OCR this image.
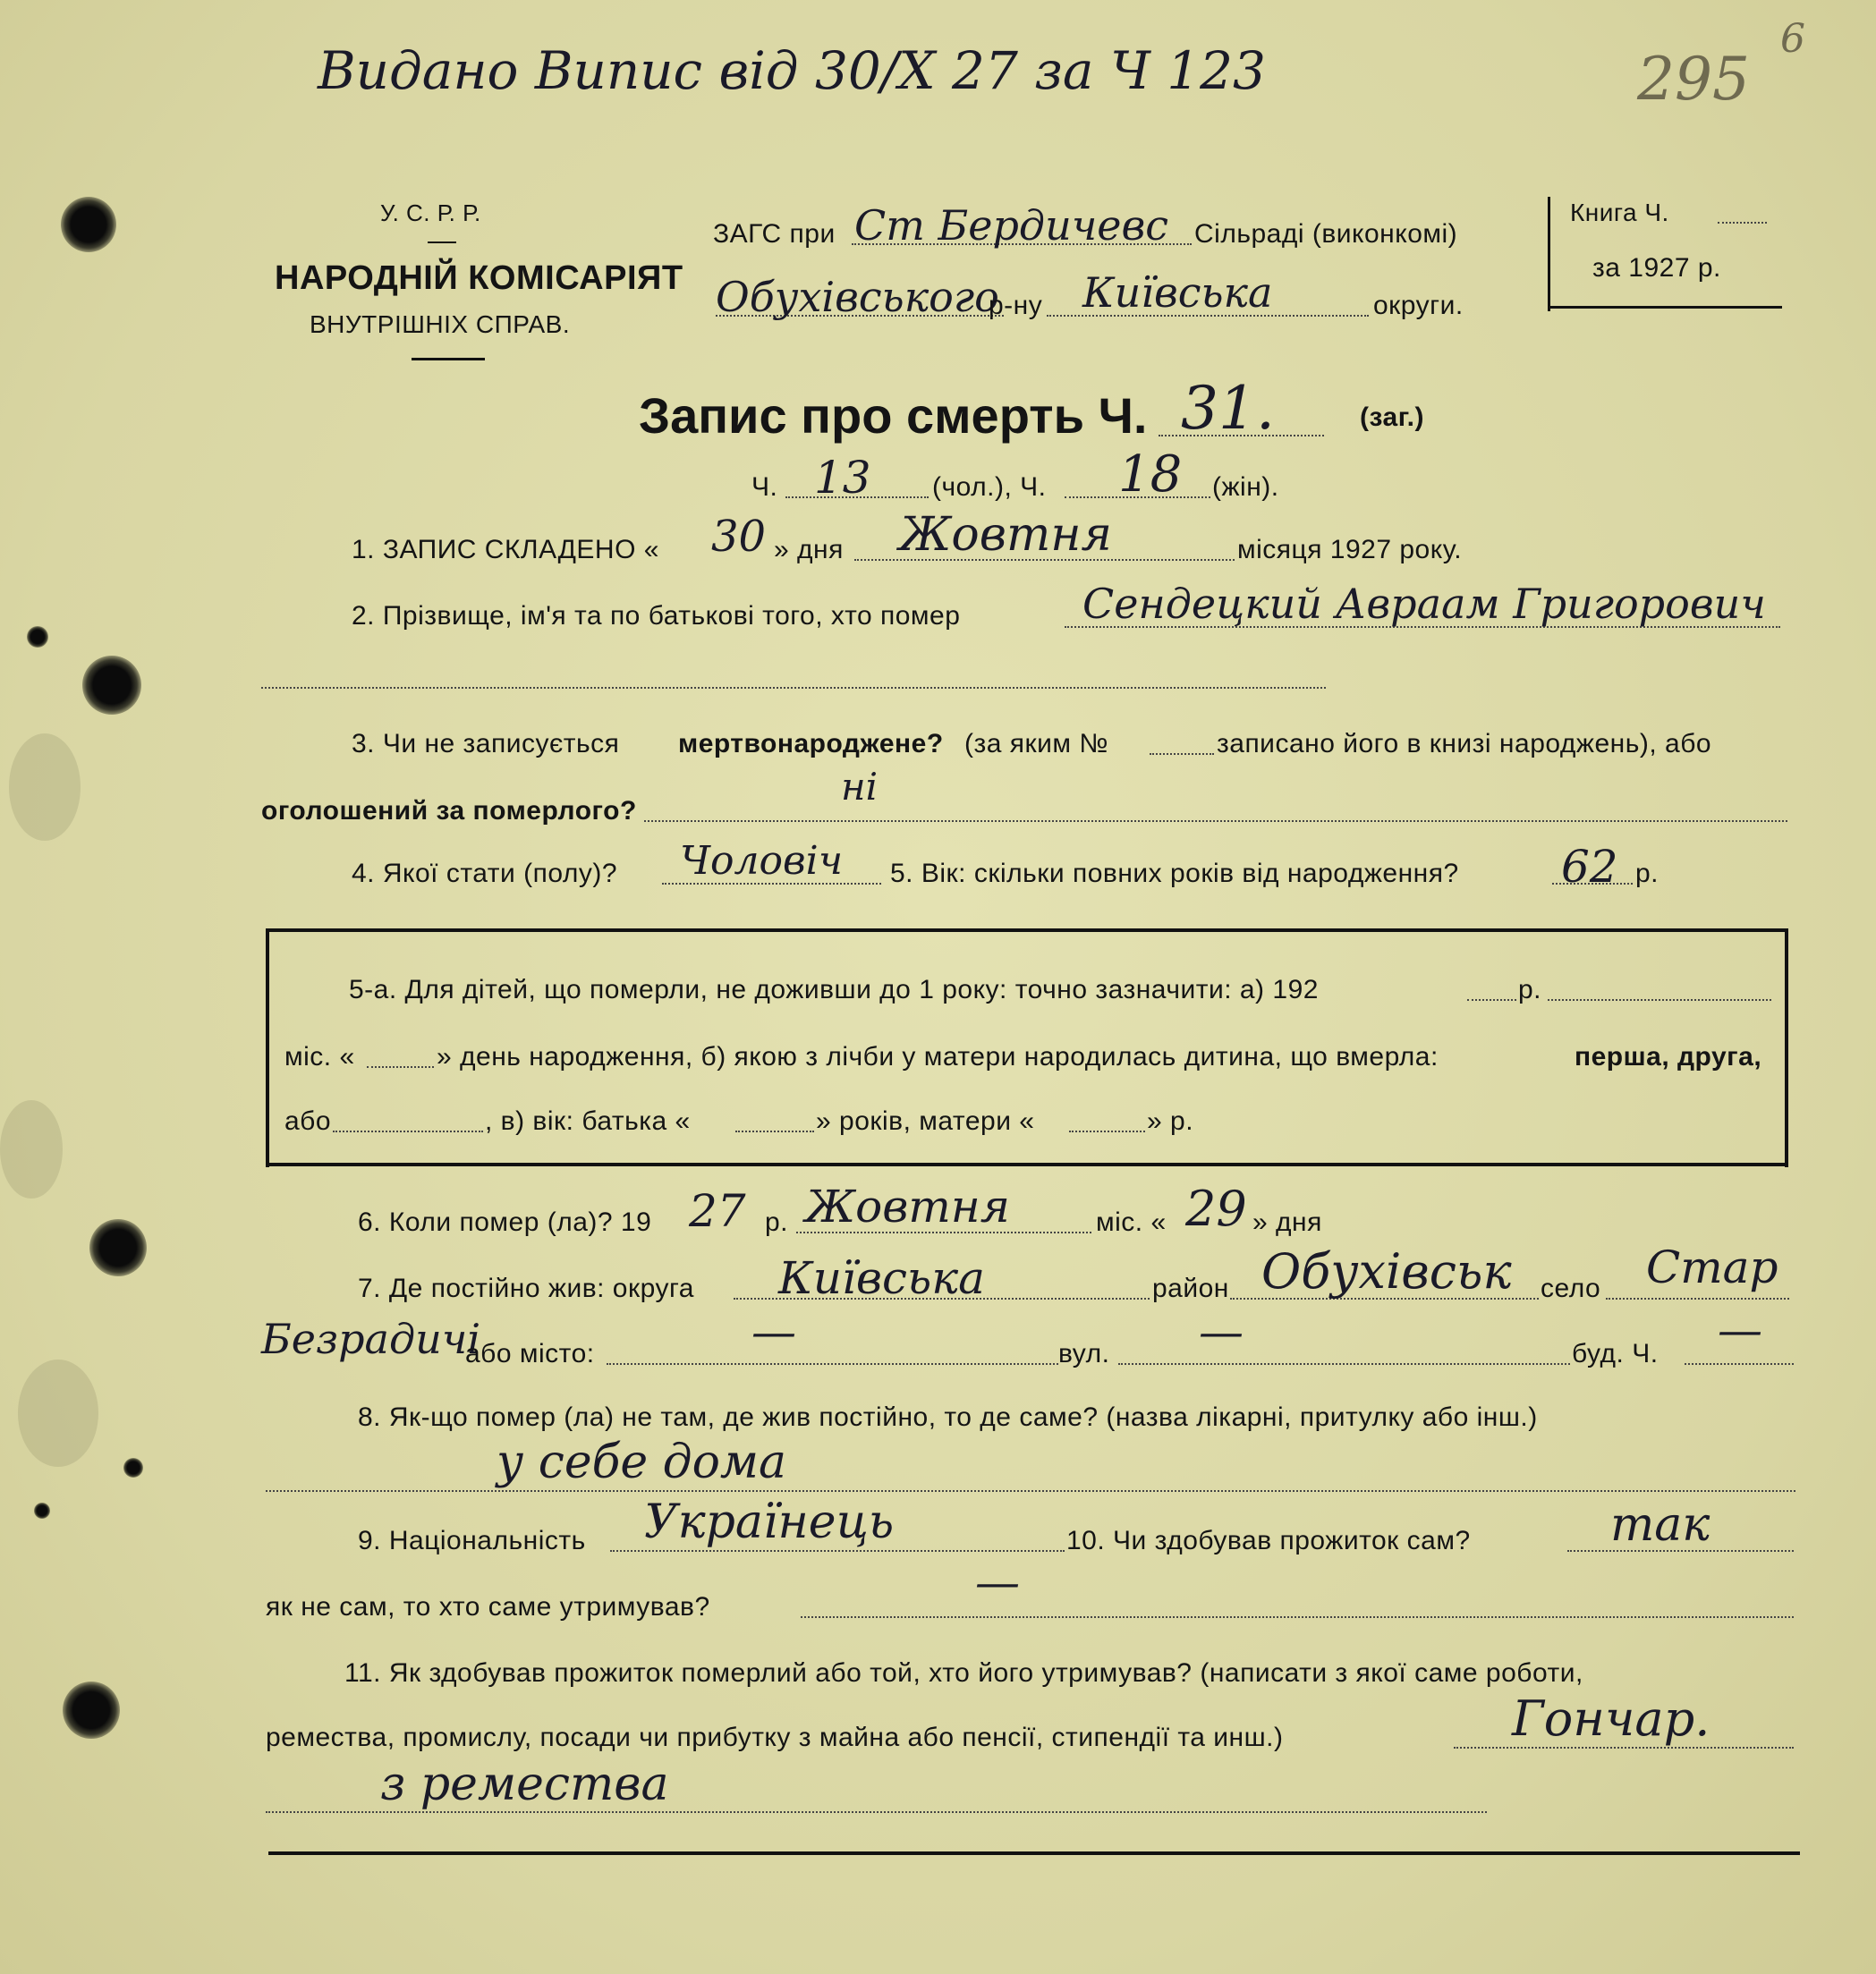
Видано Випис від 30/X 27 за Ч 123	295
6
У. С. Р. Р.
НАРОДНІЙ КОМІСАРІЯТ
ВНУТРІШНІХ СПРАВ.
ЗАГС при Ст Бердичевс Сільраді (виконкомі)
Обухівського
р-ну Київська	округи.
Книга Ч.
за 1927 р.
Запис про смерть Ч. 31.	(заг.)
Ч. 13 (чол.), Ч. 18 (жін).
1. ЗАПИС СКЛАДЕНО « 30 » дня Жовтня	місяця 1927 року.
2. Прізвище, ім'я та по батькові того, хто помер	Сендецкий Авраам Григорович
3. Чи не записується мертвонароджене? (за яким №	записано його в книзі народжень), або
оголошений за померлого?
ні
4. Якої стати (полу)? Чоловіч 5. Вік: скільки повних років від народження? 62 р.
5-а. Для дітей, що померли, не доживши до 1 року: точно зазначити: а) 192	р.
міс. «	» день народження, б) якою з лічби у матери народилась дитина, що вмерла:	перша, друга,
або	, в) вік: батька «	» років, матери «	» р.
6. Коли помер (ла)? 19 27 р. Жовтня	міс. « 29 » дня
7. Де постійно жив: округа Київська	район Обухівськ село Стар
Безрадичі
або місто:	—	вул. —	буд. Ч. —
8. Як-що помер (ла) не там, де жив постійно, то де саме? (назва лікарні, притулку або інш.)
у себе дома
9. Національність Українець	10. Чи здобував прожиток сам?	так
як не сам, то хто саме утримував?	—
11. Як здобував прожиток померлий або той, хто його утримував? (написати з якої саме роботи,
ремества, промислу, посади чи прибутку з майна або пенсії, стипендії та инш.)	Гончар.
з ремества
